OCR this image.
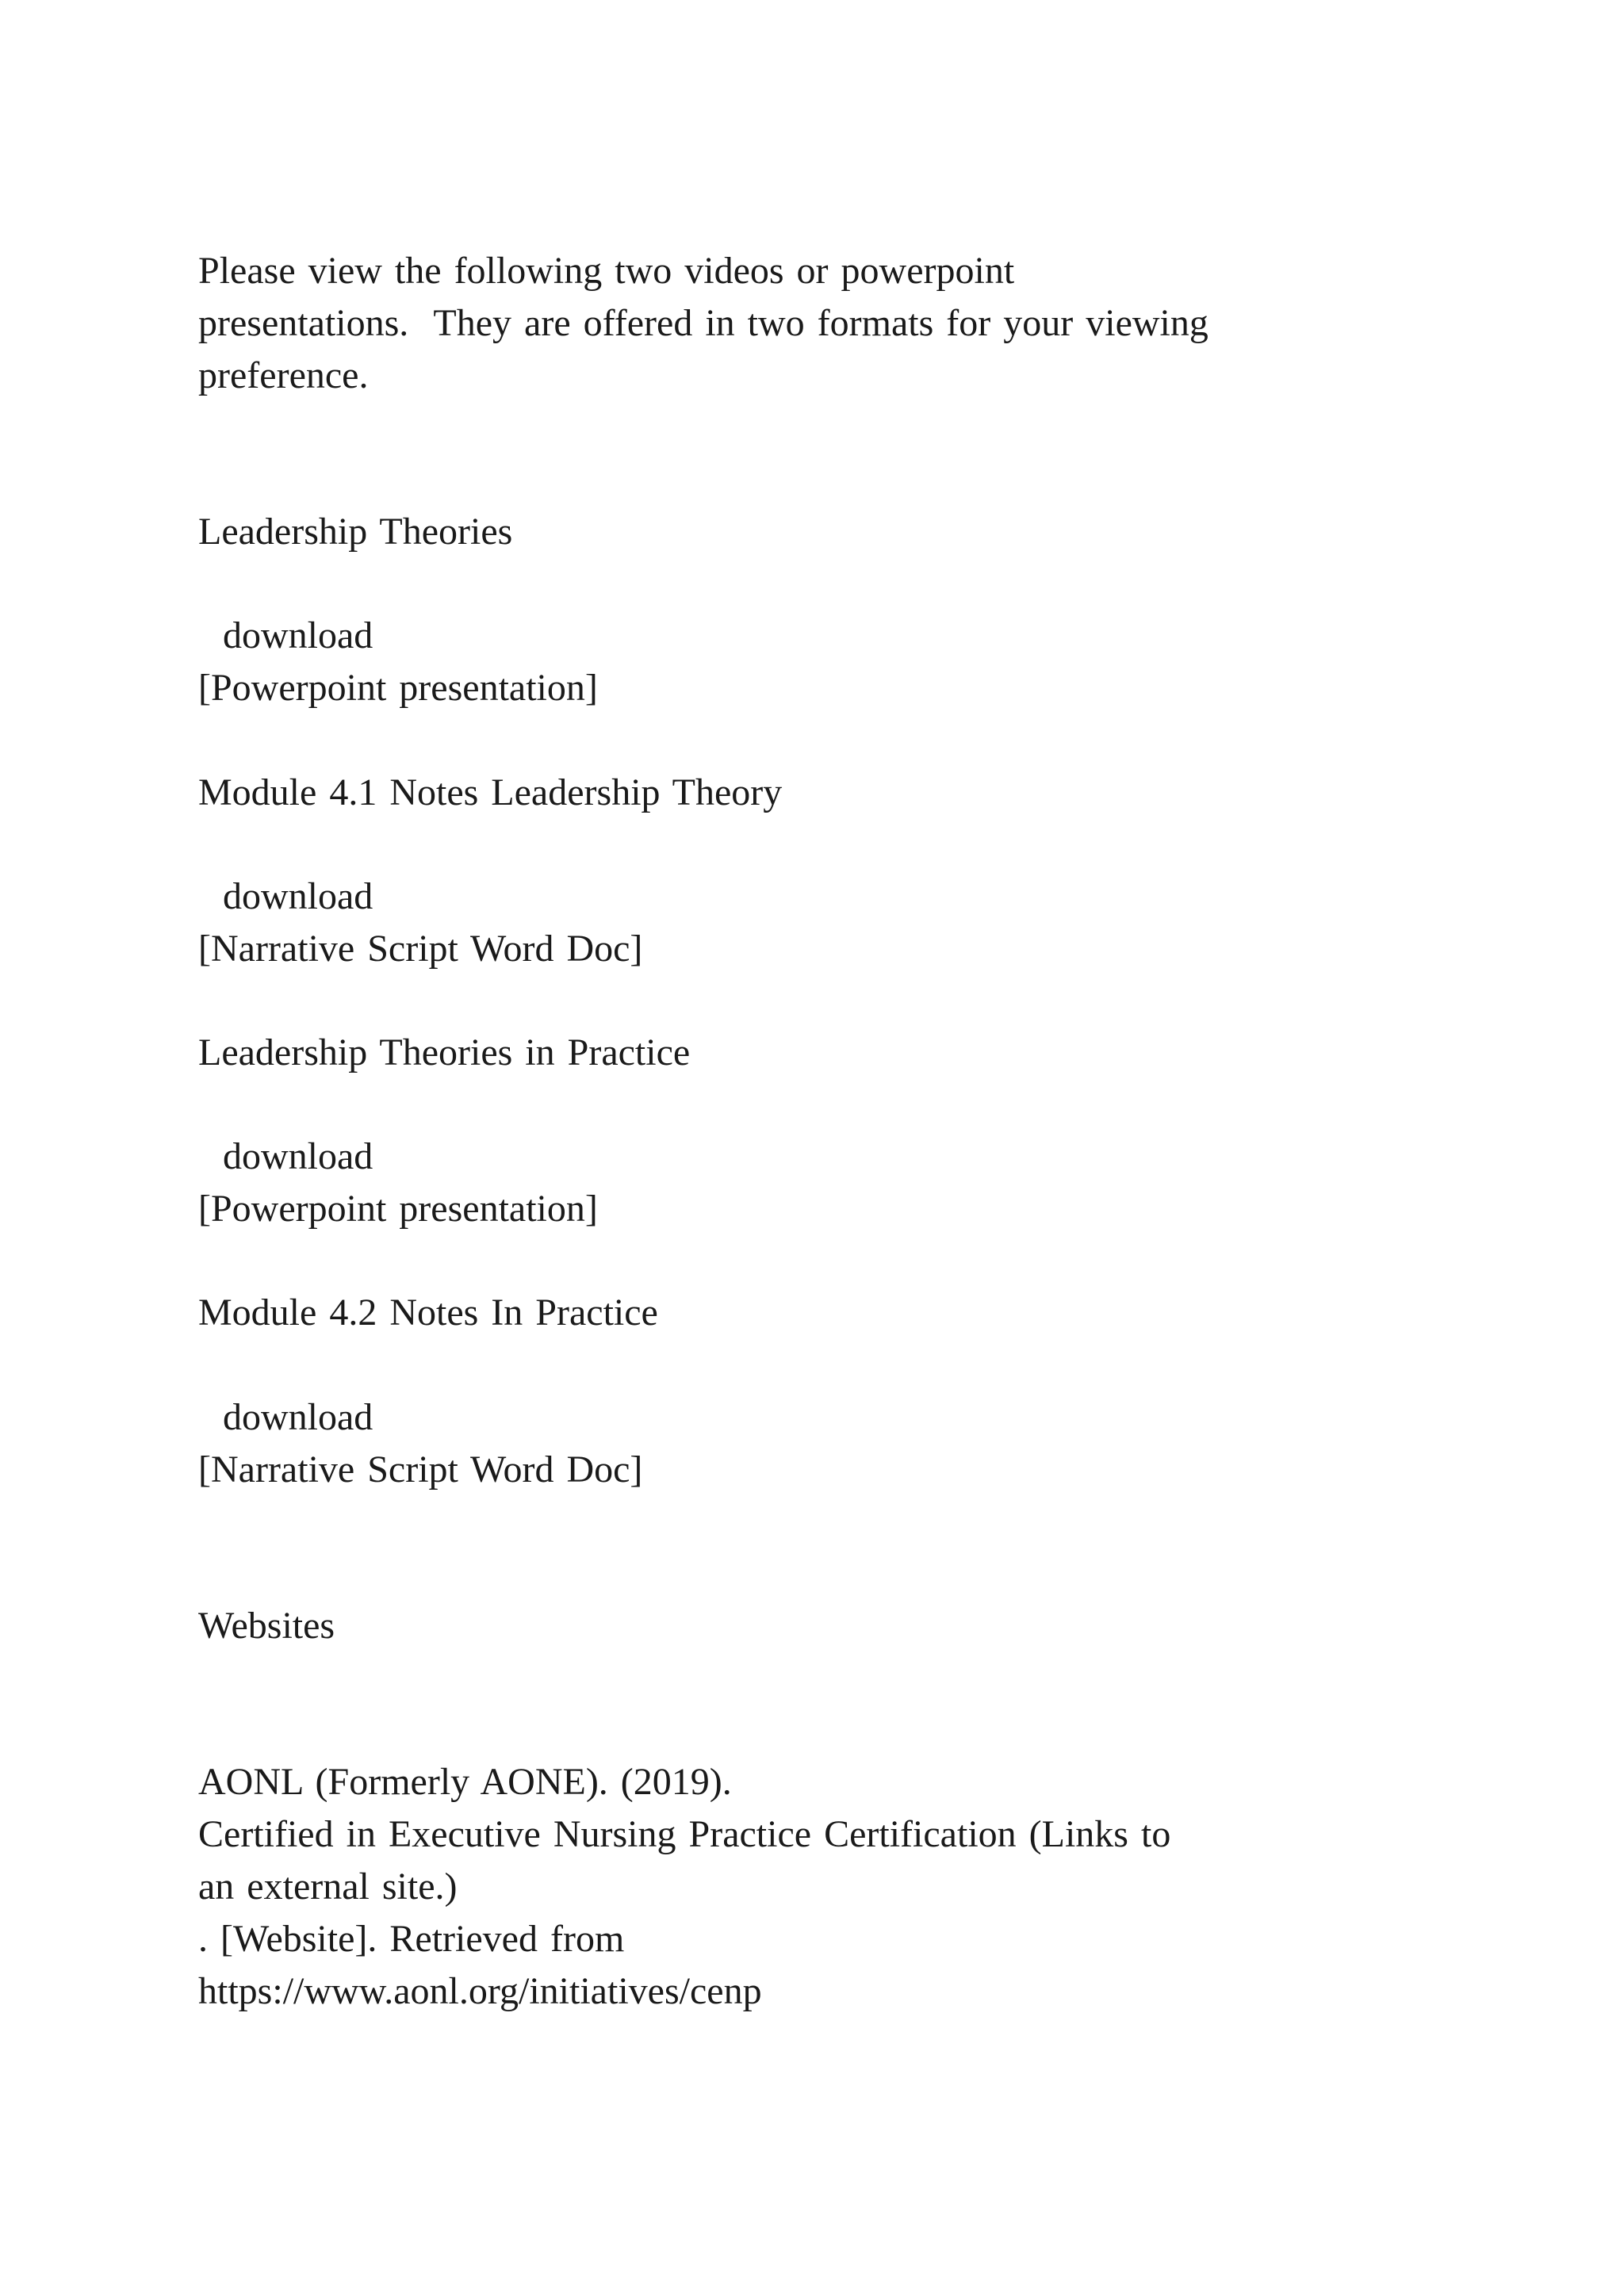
Please view the following two videos or powerpoint
presentations.  They are offered in two formats for your viewing
preference.
Leadership Theories
download
[Powerpoint presentation]
Module 4.1 Notes Leadership Theory
download
[Narrative Script Word Doc]
Leadership Theories in Practice
download
[Powerpoint presentation]
Module 4.2 Notes In Practice
download
[Narrative Script Word Doc]
Websites
AONL (Formerly AONE). (2019).
Certified in Executive Nursing Practice Certification (Links to
an external site.)
. [Website]. Retrieved from
https://www.aonl.org/initiatives/cenp
